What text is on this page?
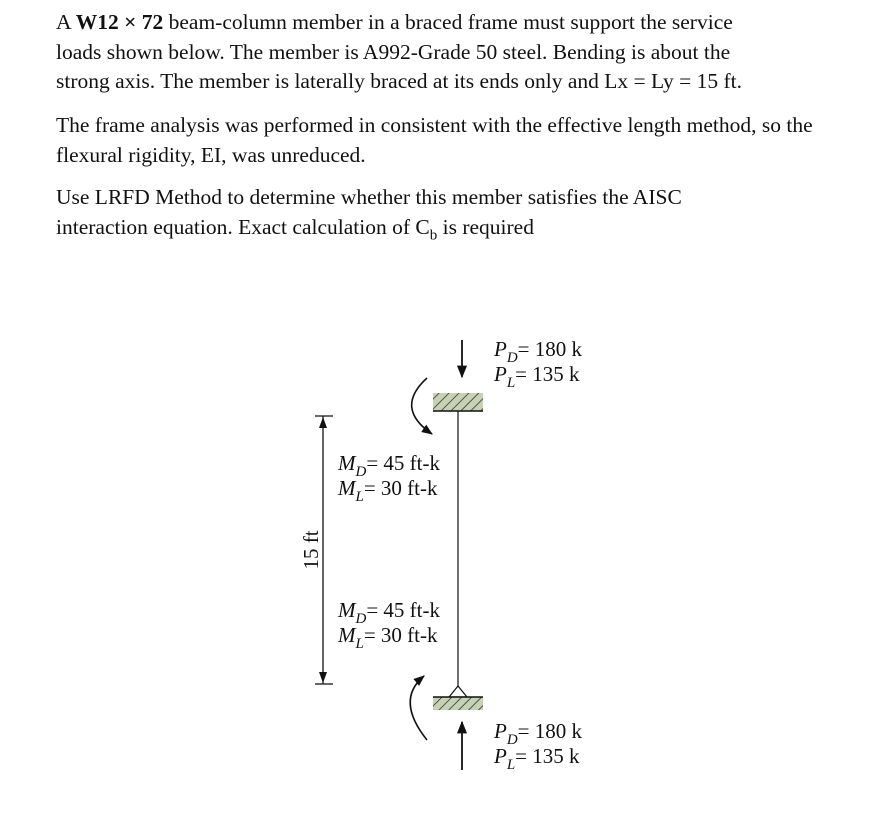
A W12 × 72 beam-column member in a braced frame must support the service
loads shown below. The member is A992-Grade 50 steel. Bending is about the
strong axis. The member is laterally braced at its ends only and Lx = Ly = 15 ft.

The frame analysis was performed in consistent with the effective length method, so the flexural rigidity, EI, was unreduced.

Use LRFD Method to determine whether this member satisfies the AISC
interaction equation. Exact calculation of $C_b$ is required

15 ft
$P_D= 180$ k
$P_L= 135$ k
$M_D= 45$ ft-k
$M_L= 30$ ft-k
$M_D= 45$ ft-k
$M_L= 30$ ft-k
$P_D= 180$ k
$P_L= 135$ k
